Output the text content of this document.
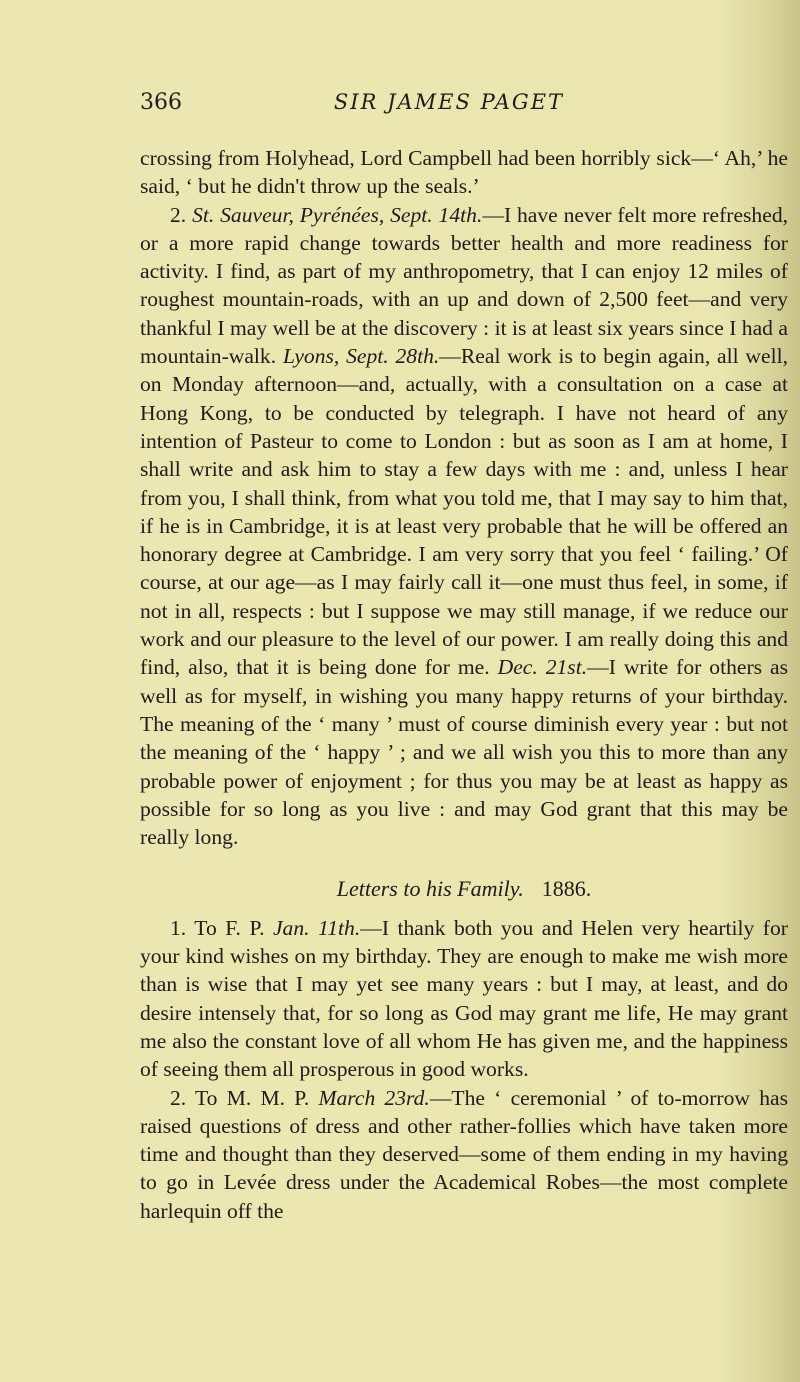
366	SIR JAMES PAGET

crossing from Holyhead, Lord Campbell had been horribly sick—‘ Ah,’ he said, ‘ but he didn't throw up the seals.’

2. St. Sauveur, Pyrénées, Sept. 14th.—I have never felt more refreshed, or a more rapid change towards better health and more readiness for activity. I find, as part of my anthropometry, that I can enjoy 12 miles of roughest mountain-roads, with an up and down of 2,500 feet—and very thankful I may well be at the discovery : it is at least six years since I had a mountain-walk. Lyons, Sept. 28th.—Real work is to begin again, all well, on Monday afternoon—and, actually, with a consultation on a case at Hong Kong, to be conducted by telegraph. I have not heard of any intention of Pasteur to come to London : but as soon as I am at home, I shall write and ask him to stay a few days with me : and, unless I hear from you, I shall think, from what you told me, that I may say to him that, if he is in Cambridge, it is at least very probable that he will be offered an honorary degree at Cambridge. I am very sorry that you feel ‘ failing.’ Of course, at our age—as I may fairly call it—one must thus feel, in some, if not in all, respects : but I suppose we may still manage, if we reduce our work and our pleasure to the level of our power. I am really doing this and find, also, that it is being done for me. Dec. 21st.—I write for others as well as for myself, in wishing you many happy returns of your birthday. The meaning of the ‘ many ’ must of course diminish every year : but not the meaning of the ‘ happy ’ ; and we all wish you this to more than any probable power of enjoyment ; for thus you may be at least as happy as possible for so long as you live : and may God grant that this may be really long.

Letters to his Family. 1886.

1. To F. P. Jan. 11th.—I thank both you and Helen very heartily for your kind wishes on my birthday. They are enough to make me wish more than is wise that I may yet see many years : but I may, at least, and do desire intensely that, for so long as God may grant me life, He may grant me also the constant love of all whom He has given me, and the happiness of seeing them all prosperous in good works.

2. To M. M. P. March 23rd.—The ‘ ceremonial ’ of to-morrow has raised questions of dress and other rather-follies which have taken more time and thought than they deserved—some of them ending in my having to go in Levée dress under the Academical Robes—the most complete harlequin off the
